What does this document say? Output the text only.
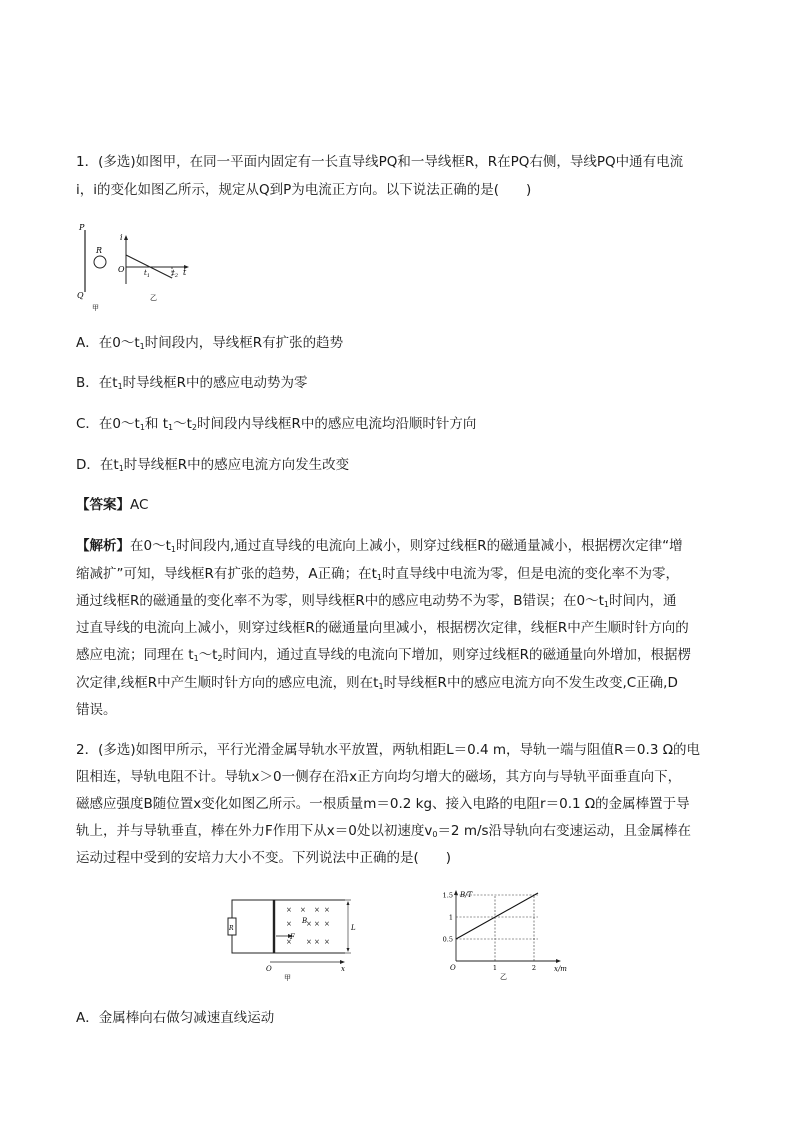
1．(多选)如图甲，在同一平面内固定有一长直导线PQ和一导线框R，R在PQ右侧，导线PQ中通有电流
i，i的变化如图乙所示，规定从Q到P为电流正方向。以下说法正确的是(　　)
P
Q
R
甲
i
O	$t_1$	$t_2$ t
乙
A．在$0\sim t_1$时间段内，导线框R有扩张的趋势
B．在$t_1$时导线框R中的感应电动势为零
C．在$0\sim t_1$和 $t_1\sim t_2$时间段内导线框R中的感应电流均沿顺时针方向
D．在$t_1$时导线框R中的感应电流方向发生改变
【答案】AC
【解析】在$0\sim t_1$时间段内,通过直导线的电流向上减小，则穿过线框R的磁通量减小，根据楞次定律“增
缩减扩”可知，导线框R有扩张的趋势，A正确；在$t_1$时直导线中电流为零，但是电流的变化率不为零，
通过线框R的磁通量的变化率不为零，则导线框R中的感应电动势不为零，B错误；在$0\sim t_1$时间内，通
过直导线的电流向上减小，则穿过线框R的磁通量向里减小，根据楞次定律，线框R中产生顺时针方向的
感应电流；同理在 $t_1\sim t_2$时间内，通过直导线的电流向下增加，则穿过线框R的磁通量向外增加，根据楞
次定律,线框R中产生顺时针方向的感应电流，则在$t_1$时导线框R中的感应电流方向不发生改变,C正确,D
错误。
2．(多选)如图甲所示，平行光滑金属导轨水平放置，两轨相距L＝0.4 m，导轨一端与阻值R＝0.3 Ω的电
阻相连，导轨电阻不计。导轨x＞0一侧存在沿x正方向均匀增大的磁场，其方向与导轨平面垂直向下，
磁感应强度B随位置x变化如图乙所示。一根质量m＝0.2 kg、接入电路的电阻r＝0.1 Ω的金属棒置于导
轨上，并与导轨垂直，棒在外力F作用下从x＝0处以初速度$v_0=2$ m/s沿导轨向右变速运动，且金属棒在
运动过程中受到的安培力大小不变。下列说法中正确的是(　　)
R
× × × ×
× × × ×
× × × ×
B
F
L
O	x
甲
B/T
x/m
O
乙
0.5
1
1.5
1	2
A．金属棒向右做匀减速直线运动
